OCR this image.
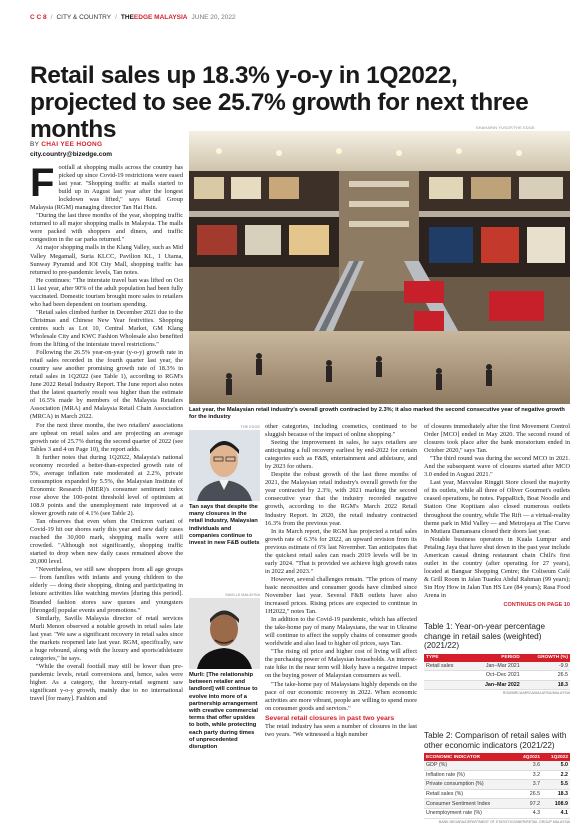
C C 8 / CITY & COUNTRY / THEEDGE MALAYSIA JUNE 20, 2022
Retail sales up 18.3% y-o-y in 1Q2022, projected to see 25.7% growth for next three months
BY CHAI YEE HOONG
city.country@bizedge.com
F ootfall at shopping malls across the country has picked up since Covid-19 restrictions were eased last year. "Shopping traffic at malls started to build up in August last year after the longest lockdown was lifted," says Retail Group Malaysia (RGM) managing director Tan Hai Hsin.

"During the last three months of the year, shopping traffic returned to all major shopping malls in Malaysia. The malls were packed with shoppers and diners, and traffic congestion in the car parks returned."

At major shopping malls in the Klang Valley, such as Mid Valley Megamall, Suria KLCC, Pavilion KL, 1 Utama, Sunway Pyramid and IOI City Mall, shopping traffic has returned to pre-pandemic levels, Tan notes.

He continues: "The interstate travel ban was lifted on Oct 11 last year, after 90% of the adult population had been fully vaccinated. Domestic tourism brought more sales to retailers who had been dependent on tourism spending.

"Retail sales climbed further in December 2021 due to the Christmas and Chinese New Year festivities. Shopping centres such as Lot 10, Central Market, GM Klang Wholesale City and KWC Fashion Wholesale also benefited from the lifting of the interstate travel restrictions."

Following the 26.5% year-on-year (y-o-y) growth rate in retail sales recorded in the fourth quarter last year, the country saw another promising growth rate of 18.3% in retail sales in 1Q2022 (see Table 1), according to RGM's June 2022 Retail Industry Report. The June report also notes that the latest quarterly result was higher than the estimate of 16.5% made by members of the Malaysia Retailers Association (MRA) and Malaysia Retail Chain Association (MRCA) in March 2022.

For the next three months, the two retailers' associations are upbeat on retail sales and are projecting an average growth rate of 25.7% during the second quarter of 2022 (see Tables 3 and 4 on Page 10), the report adds.

It further notes that during 1Q2022, Malaysia's national economy recorded a better-than-expected growth rate of 5%, average inflation rate moderated at 2.2%, private consumption expanded by 5.5%, the Malaysian Institute of Economic Research (MIER)'s consumer sentiment index rose above the 100-point threshold level of optimism at 108.9 points and the unemployment rate improved at a slower growth rate of 4.1% (see Table 2).

Tan observes that even when the Omicron variant of Covid-19 hit our shores early this year and new daily cases reached the 30,000 mark, shopping malls were still crowded. "Although not significantly, shopping traffic started to drop when new daily cases remained above the 20,000 level.

"Nevertheless, we still saw shoppers from all age groups — from families with infants and young children to the elderly — doing their shopping, dining and participating in leisure activities like watching movies [during this period]. Branded fashion stores saw queues and youngsters [thronged] popular events and promotions."

Similarly, Savills Malaysia director of retail services Murli Menon observed a notable growth in retail sales late last year. "We saw a significant recovery in retail sales since the markets reopened late last year. RGM, specifically, saw a huge rebound, along with the luxury and sports/athleisure categories," he says.

"While the overall footfall may still be lower than pre-pandemic levels, retail conversions and, hence, sales were higher. As a category, the luxury-retail segment saw significant y-o-y growth, mainly due to no international travel [for many]. Fashion and

SHAHARIN YUSOF/THE EDGE
Last year, the Malaysian retail industry's overall growth contracted by 2.3%; it also marked the second consecutive year of negative growth for the industry
THE EDGE
Tan says that despite the many closures in the retail industry, Malaysian individuals and companies continue to invest in new F&B outlets
SAVILLS MALAYSIA
Murli: [The relationship between retailer and landlord] will continue to evolve into more of a partnership arrangement with creative commercial terms that offer upsides to both, while protecting each party during times of unprecedented disruption

other categories, including cosmetics, continued to be sluggish because of the impact of online shopping."

Seeing the improvement in sales, he says retailers are anticipating a full recovery earliest by end-2022 for certain categories such as F&B, entertainment and athleisure, and by 2023 for others.

Despite the robust growth of the last three months of 2021, the Malaysian retail industry's overall growth for the year contracted by 2.3%, with 2021 marking the second consecutive year that the industry recorded negative growth, according to the RGM's March 2022 Retail Industry Report. In 2020, the retail industry contracted 16.3% from the previous year.

In its March report, the RGM has projected a retail sales growth rate of 6.3% for 2022, an upward revision from its previous estimate of 6% last November. Tan anticipates that the quickest retail sales can reach 2019 levels will be in early 2024. "That is provided we achieve high growth rates in 2022 and 2023."

However, several challenges remain. "The prices of many basic necessities and consumer goods have climbed since November last year. Several F&B outlets have also increased prices. Rising prices are expected to continue in 1H2022," notes Tan.

In addition to the Covid-19 pandemic, which has affected the take-home pay of many Malaysians, the war in Ukraine will continue to affect the supply chains of consumer goods worldwide and also lead to higher oil prices, says Tan.

"The rising oil price and higher cost of living will affect the purchasing power of Malaysian households. An interest-rate hike in the near term will likely have a negative impact on the buying power of Malaysian consumers as well.

"The take-home pay of Malaysians highly depends on the pace of our economic recovery in 2022. When economic activities are more vibrant, people are willing to spend more on consumer goods and services."

Several retail closures in past two years

The retail industry has seen a number of closures in the last two years. "We witnessed a high number

of closures immediately after the first Movement Control Order [MCO] ended in May 2020. The second round of closures took place after the bank moratorium ended in October 2020," says Tan.

"The third round was during the second MCO in 2021. And the subsequent wave of closures started after MCO 3.0 ended in August 2021."

Last year, Maxvalue Ringgit Store closed the majority of its outlets, while all three of Oliver Gourmet's outlets ceased operations, he notes. PappaRich, Boat Noodle and Station One Kopitiam also closed numerous outlets throughout the country, while The Rift — a virtual-reality theme park in Mid Valley — and Metrojaya at The Curve in Mutiara Damansara closed their doors last year.

Notable business operators in Kuala Lumpur and Petaling Jaya that have shut down in the past year include American casual dining restaurant chain Chili's first outlet in the country (after operating for 27 years), located at Bangsar Shopping Centre; the Coliseum Café & Grill Room in Jalan Tuanku Abdul Rahman (99 years); Sin Hoy How in Jalan Tun HS Lee (84 years); Rasa Food Arena in

CONTINUES ON PAGE 10

Table 1: Year-on-year percentage change in retail sales (weighted) (2021/22)
TYPE	PERIOD	GROWTH (%)
Retail sales	Jan–Mar 2021	-9.9
	Oct–Dec 2021	26.5
	Jan–Mar 2022	18.3
RGM/MRCA/MRCA/MALAYSIA/MALAYSIA
Table 2: Comparison of retail sales with other economic indicators (2021/22)
ECONOMIC INDICATOR	4Q2021	1Q2022
GDP (%)	3.6	5.0
Inflation rate (%)	3.2	2.2
Private consumption (%)	3.7	5.5
Retail sales (%)	26.5	18.3
Consumer Sentiment Index	97.2	108.9
Unemployment rate (%)	4.3	4.1
BANK NEGARA/DEPARTMENT OF STATISTICS/MIER/RETAIL GROUP MALAYSIA
